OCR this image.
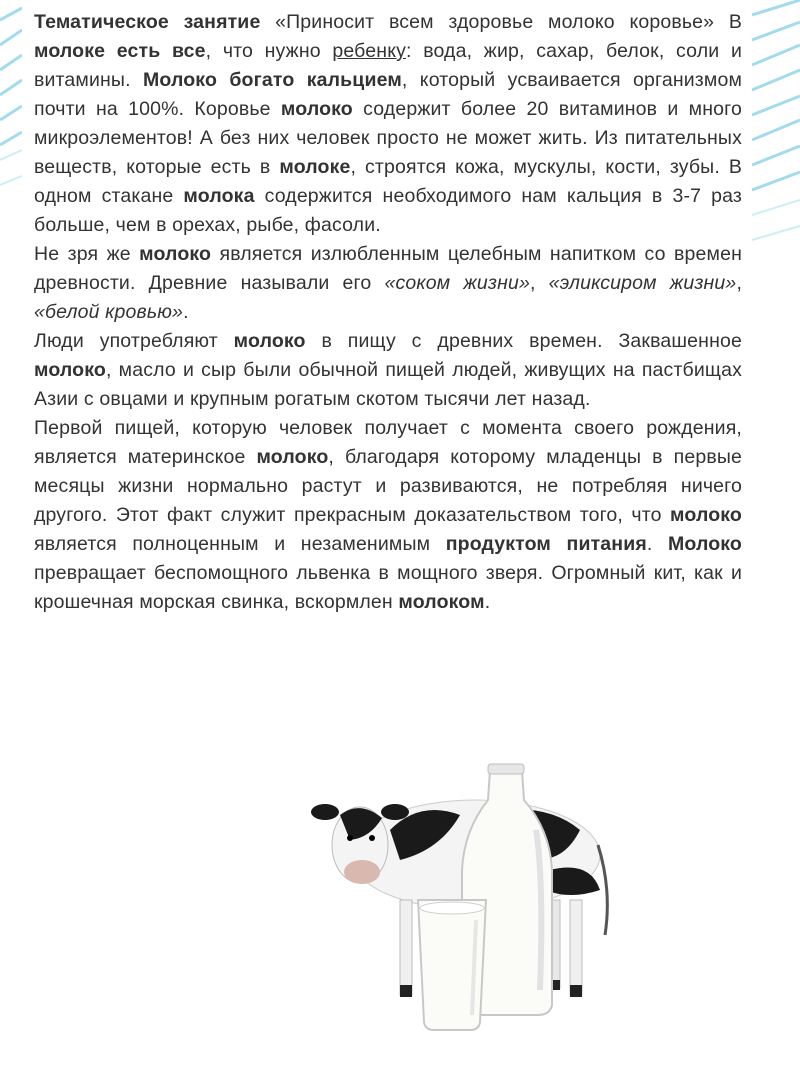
Тематическое занятие «Приносит всем здоровье молоко коровье» В молоке есть все, что нужно ребенку: вода, жир, сахар, белок, соли и витамины. Молоко богато кальцием, который усваивается организмом почти на 100%. Коровье молоко содержит более 20 витаминов и много микроэлементов! А без них человек просто не может жить. Из питательных веществ, которые есть в молоке, строятся кожа, мускулы, кости, зубы. В одном стакане молока содержится необходимого нам кальция в 3-7 раз больше, чем в орехах, рыбе, фасоли.

Не зря же молоко является излюбленным целебным напитком со времен древности. Древние называли его «соком жизни», «эликсиром жизни», «белой кровью».

Люди употребляют молоко в пищу с древних времен. Заквашенное молоко, масло и сыр были обычной пищей людей, живущих на пастбищах Азии с овцами и крупным рогатым скотом тысячи лет назад.

Первой пищей, которую человек получает с момента своего рождения, является материнское молоко, благодаря которому младенцы в первые месяцы жизни нормально растут и развиваются, не потребляя ничего другого. Этот факт служит прекрасным доказательством того, что молоко является полноценным и незаменимым продуктом питания. Молоко превращает беспомощного львенка в мощного зверя. Огромный кит, как и крошечная морская свинка, вскормлен молоком.
